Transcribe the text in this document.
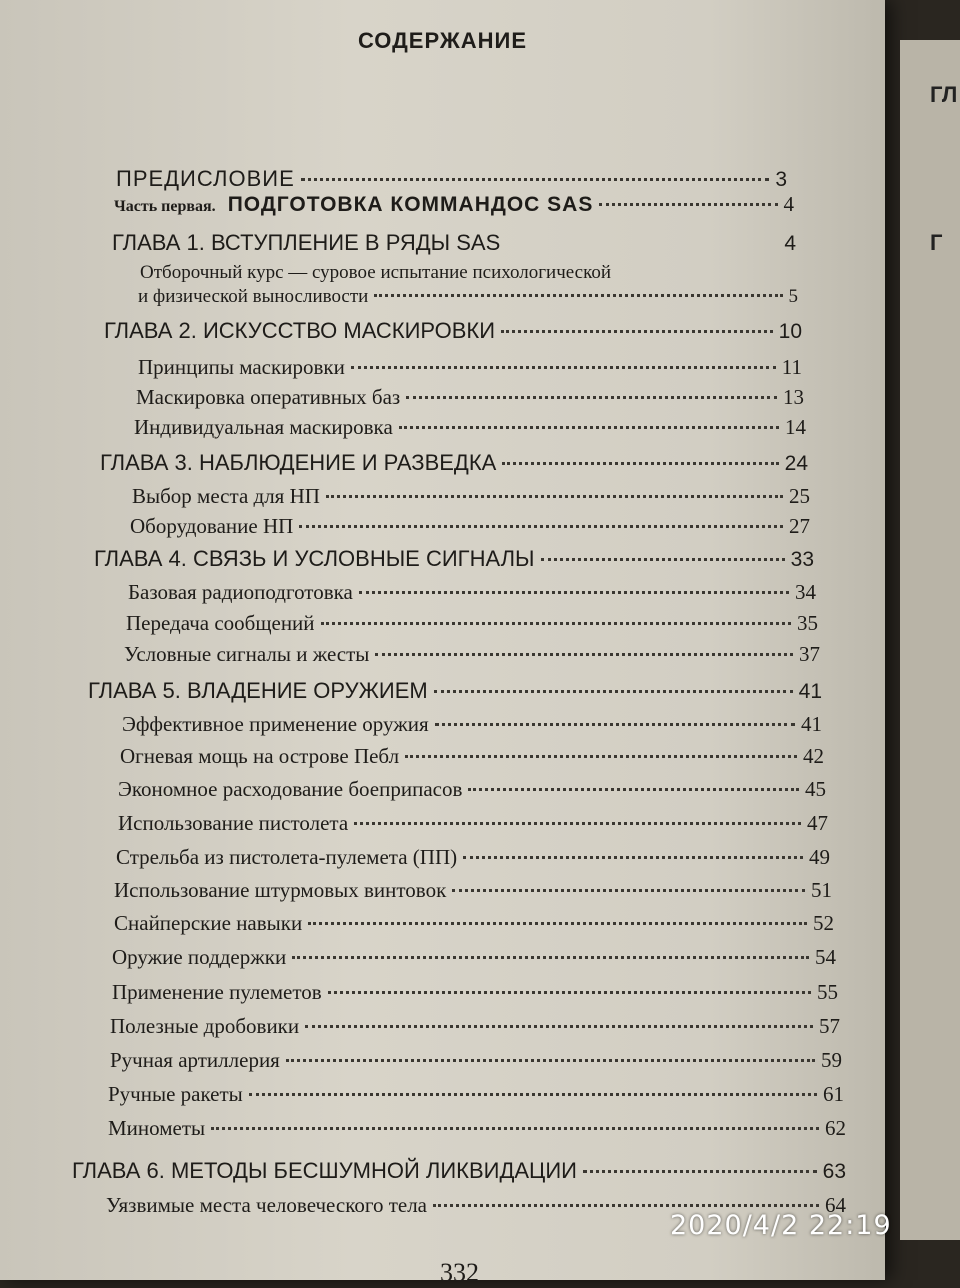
СОДЕРЖАНИЕ
ПРЕДИСЛОВИЕ	3
Часть первая. ПОДГОТОВКА КОММАНДОС SAS	4
ГЛАВА 1. ВСТУПЛЕНИЕ В РЯДЫ SAS	4
Отборочный курс — суровое испытание психологической
и физической выносливости	5
ГЛАВА 2. ИСКУССТВО МАСКИРОВКИ	10
Принципы маскировки	11
Маскировка оперативных баз	13
Индивидуальная маскировка	14
ГЛАВА 3. НАБЛЮДЕНИЕ И РАЗВЕДКА	24
Выбор места для НП	25
Оборудование НП	27
ГЛАВА 4. СВЯЗЬ И УСЛОВНЫЕ СИГНАЛЫ	33
Базовая радиоподготовка	34
Передача сообщений	35
Условные сигналы и жесты	37
ГЛАВА 5. ВЛАДЕНИЕ ОРУЖИЕМ	41
Эффективное применение оружия	41
Огневая мощь на острове Пебл	42
Экономное расходование боеприпасов	45
Использование пистолета	47
Стрельба из пистолета-пулемета (ПП)	49
Использование штурмовых винтовок	51
Снайперские навыки	52
Оружие поддержки	54
Применение пулеметов	55
Полезные дробовики	57
Ручная артиллерия	59
Ручные ракеты	61
Минометы	62
ГЛАВА 6. МЕТОДЫ БЕСШУМНОЙ ЛИКВИДАЦИИ	63
Уязвимые места человеческого тела	64
332
ГЛ
Г
2020/4/2 22:19
